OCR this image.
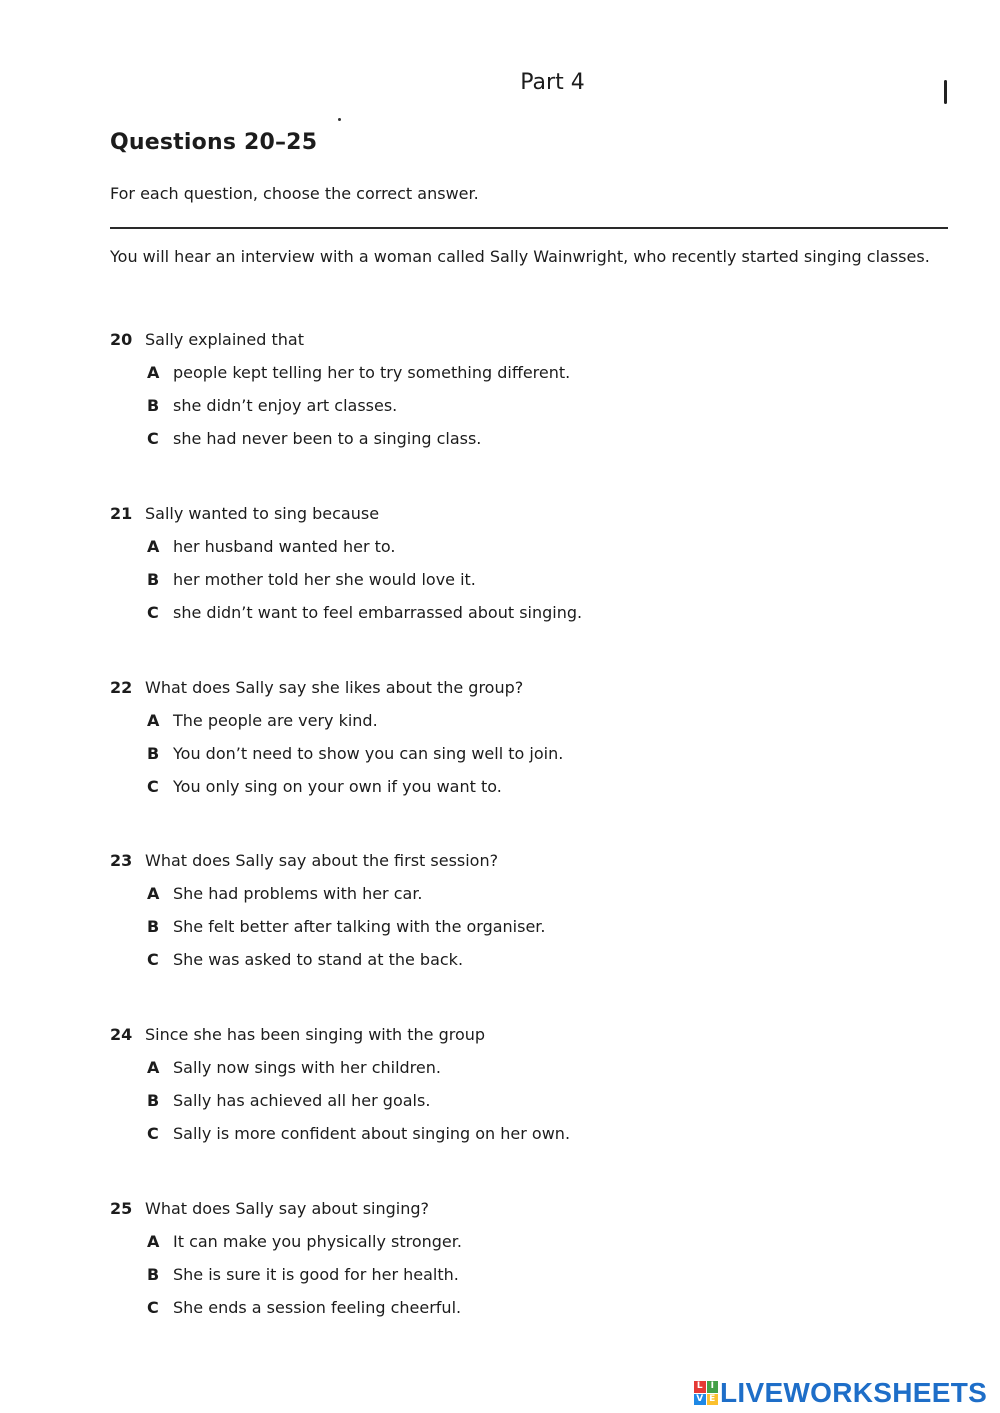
Part 4
Questions 20–25
For each question, choose the correct answer.
You will hear an interview with a woman called Sally Wainwright, who recently started singing classes.
20 Sally explained that
A people kept telling her to try something different.
B she didn’t enjoy art classes.
C she had never been to a singing class.
21 Sally wanted to sing because
A her husband wanted her to.
B her mother told her she would love it.
C she didn’t want to feel embarrassed about singing.
22 What does Sally say she likes about the group?
A The people are very kind.
B You don’t need to show you can sing well to join.
C You only sing on your own if you want to.
23 What does Sally say about the first session?
A She had problems with her car.
B She felt better after talking with the organiser.
C She was asked to stand at the back.
24 Since she has been singing with the group
A Sally now sings with her children.
B Sally has achieved all her goals.
C Sally is more confident about singing on her own.
25 What does Sally say about singing?
A It can make you physically stronger.
B She is sure it is good for her health.
C She ends a session feeling cheerful.
L I
V E LIVEWORKSHEETS
